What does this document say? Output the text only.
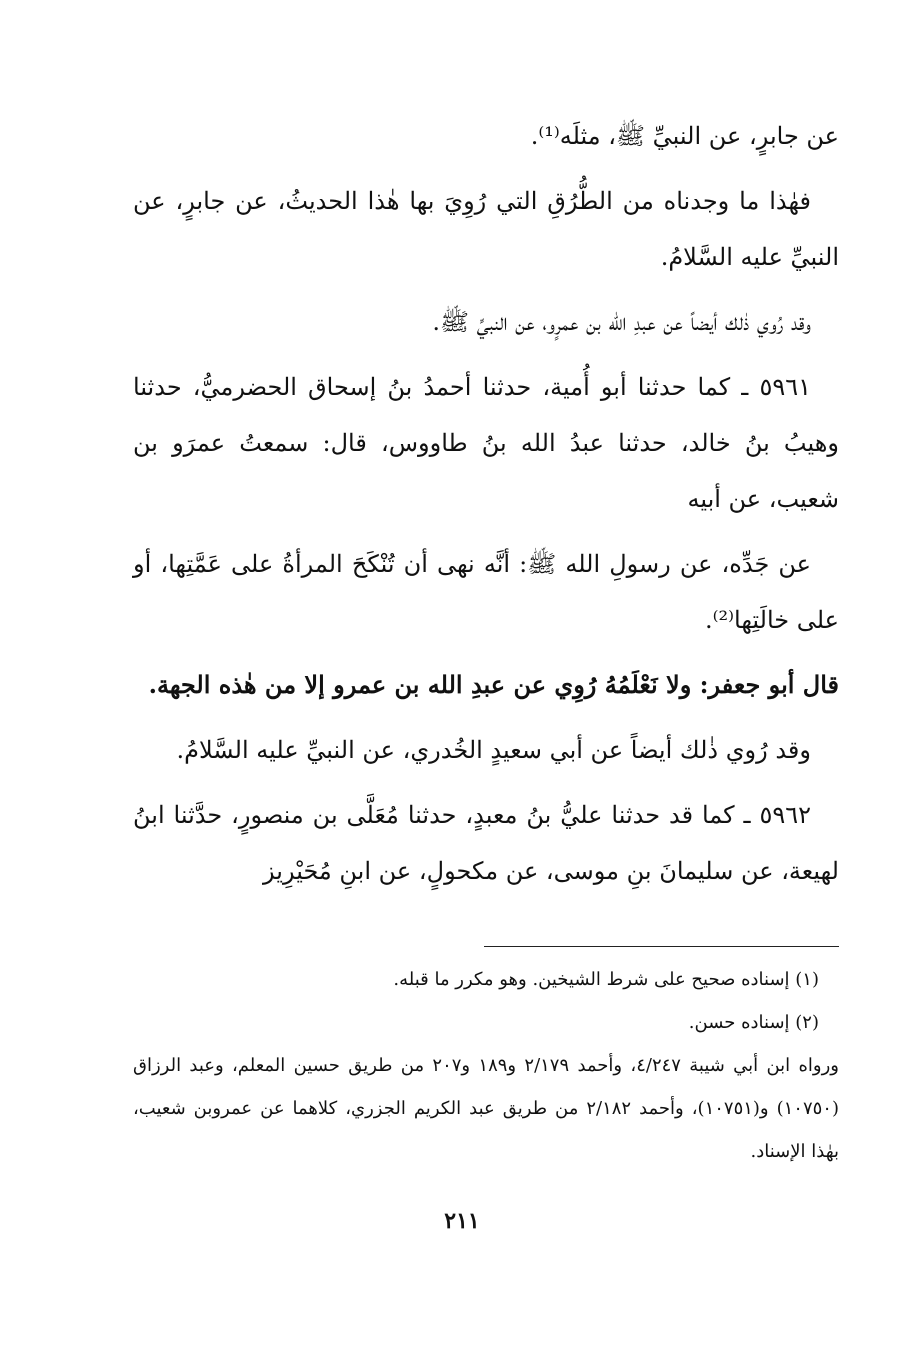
عن جابرٍ، عن النبيِّ ﷺ، مثلَه⁽¹⁾.

فهٰذا ما وجدناه من الطُّرُقِ التي رُوِيَ بها هٰذا الحديثُ، عن جابرٍ، عن النبيِّ عليه السَّلامُ.

وقد رُوي ذٰلك أيضاً عن عبدِ الله بن عمرٍو، عن النبيِّ ﷺ.

٥٩٦١ ـ كما حدثنا أبو أُمية، حدثنا أحمدُ بنُ إسحاق الحضرميُّ، حدثنا وهيبُ بنُ خالد، حدثنا عبدُ الله بنُ طاووس، قال: سمعتُ عمرَو بن شعيب، عن أبيه

عن جَدِّه، عن رسولِ الله ﷺ: أنَّه نهى أن تُنْكَحَ المرأةُ على عَمَّتِها، أو على خالَتِها⁽²⁾.

قال أبو جعفر: ولا نَعْلَمُهُ رُوِي عن عبدِ الله بن عمرو إلا من هٰذه الجهة.

وقد رُوي ذٰلك أيضاً عن أبي سعيدٍ الخُدري، عن النبيِّ عليه السَّلامُ.

٥٩٦٢ ـ كما قد حدثنا عليُّ بنُ معبدٍ، حدثنا مُعَلَّى بن منصورٍ، حدَّثنا ابنُ لهيعة، عن سليمانَ بنِ موسى، عن مكحولٍ، عن ابنِ مُحَيْرِيز

(١) إسناده صحيح على شرط الشيخين. وهو مكرر ما قبله.

(٢) إسناده حسن.

ورواه ابن أبي شيبة ٤/٢٤٧، وأحمد ٢/١٧٩ و١٨٩ و٢٠٧ من طريق حسين المعلم، وعبد الرزاق (١٠٧٥٠) و(١٠٧٥١)، وأحمد ٢/١٨٢ من طريق عبد الكريم الجزري، كلاهما عن عمروبن شعيب، بهٰذا الإسناد.

٢١١
